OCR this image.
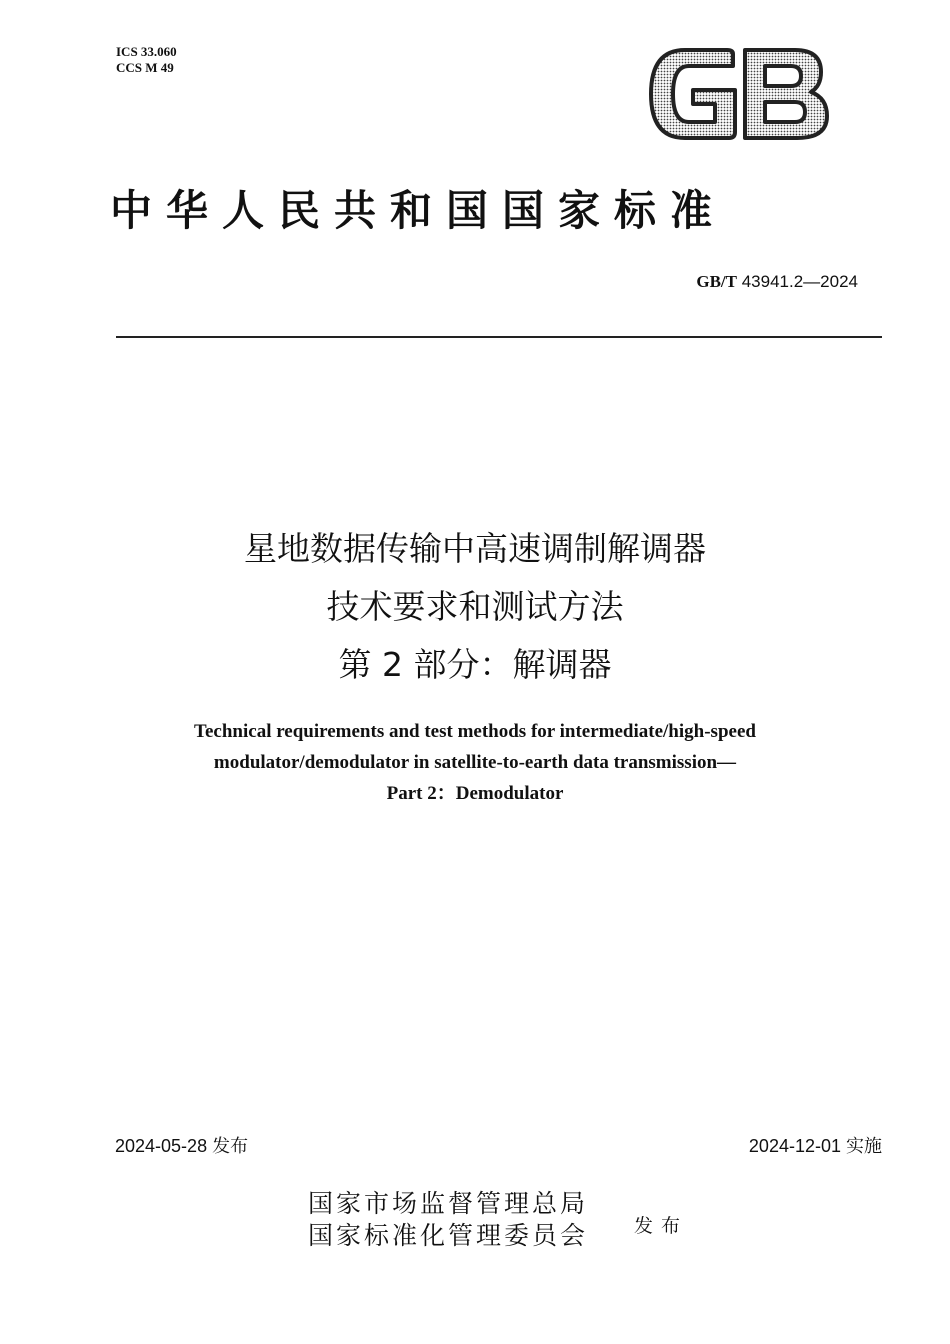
ICS 33.060
CCS M 49
中华人民共和国国家标准
GB/T 43941.2—2024
星地数据传输中高速调制解调器
技术要求和测试方法
第 2 部分：解调器
Technical requirements and test methods for intermediate/high-speed
modulator/demodulator in satellite-to-earth data transmission—
Part 2：Demodulator
2024-05-28 发布	2024-12-01 实施
国家市场监督管理总局
国家标准化管理委员会 发布
